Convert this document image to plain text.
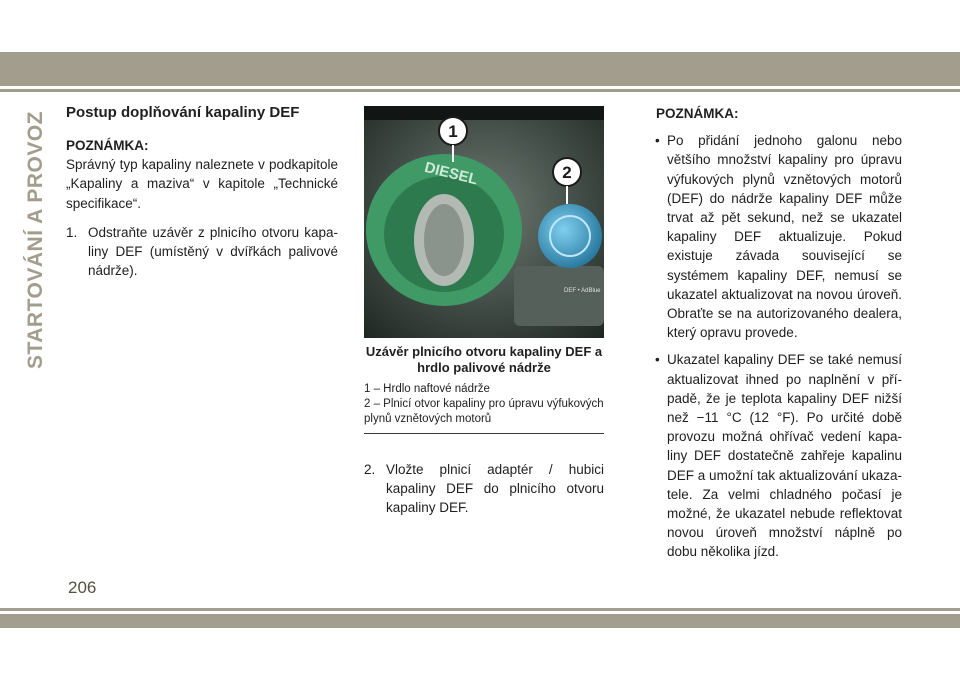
STARTOVÁNÍ A PROVOZ Postup doplňování kapaliny DEF

POZNÁMKA:

Správný typ kapaliny naleznete v podkapitole „Kapaliny a maziva“ v kapitole „Technické specifikace“.

1. Odstraňte uzávěr z plnicího otvoru kapaliny DEF (umístěný v dvířkách palivové nádrže).
DIESEL
DEF • AdBlue
1
2
Uzávěr plnicího otvoru kapaliny DEF a hrdlo palivové nádrže
1 – Hrdlo naftové nádrže
2 – Plnicí otvor kapaliny pro úpravu výfukových plynů vznětových motorů
2. Vložte plnicí adaptér / hubici kapaliny DEF do plnicího otvoru kapaliny DEF.

POZNÁMKA:

• Po přidání jednoho galonu nebo většího množství kapaliny pro úpravu výfukových plynů vznětových motorů (DEF) do nádrže kapaliny DEF může trvat až pět sekund, než se ukazatel kapaliny DEF aktualizuje. Pokud existuje závada související se systémem kapaliny DEF, nemusí se ukazatel aktualizovat na novou úroveň. Obraťte se na autorizovaného dealera, který opravu provede.
• Ukazatel kapaliny DEF se také nemusí aktualizovat ihned po naplnění v případě, že je teplota kapaliny DEF nižší než −11 °C (12 °F). Po určité době provozu možná ohřívač vedení kapaliny DEF dostatečně zahřeje kapalinu DEF a umožní tak aktualizování ukazatele. Za velmi chladného počasí je možné, že ukazatel nebude reflektovat novou úroveň množství náplně po dobu několika jízd.
206
